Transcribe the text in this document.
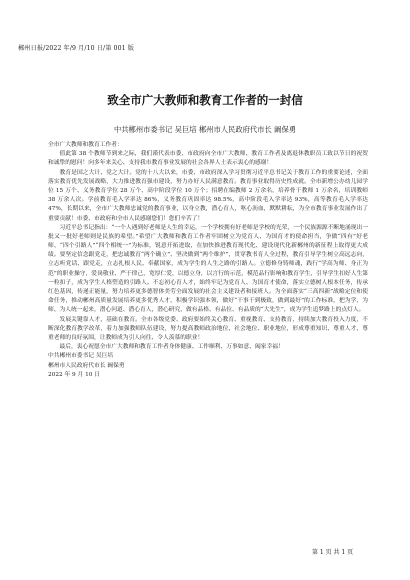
郴州日报/2022 年/9 月/10 日/第 001 版
致全市广大教师和教育工作者的一封信
中共郴州市委书记 吴巨培 郴州市人民政府代市长 阚保勇

全市广大教师和教育工作者：

值此第 38 个教师节到来之际，我们谨代表市委、市政府向全市广大教师、教育工作者及离退休教职员工致以节日的祝贺和诚挚的慰问！向多年来关心、支持我市教育事业发展的社会各界人士表示衷心的感谢！

教育是国之大计、党之大计。党的十八大以来，市委、市政府深入学习贯彻习近平总书记关于教育工作的重要论述，全面落实教育优先发展战略，大力推进教育强市建设，努力办好人民满意教育。教育事业取得历史性成就。全市新增公办幼儿园学位 15 万个、义务教育学位 28 万个、高中阶段学位 10 万个；招聘在编教师 2 万余名，培养骨干教师 1 万余名，培训教师 38 万余人次。学前教育毛入学率达 86%，义务教育巩固率达 98.5%，高中阶段毛入学率达 93%，高等教育毛入学率达 47%，长期以来，全市广大教师忠诚党的教育事业，以身立教，潜心育人，呕心沥血，默默耕耘，为全市教育事业发展作出了重要贡献！市委、市政府和全市人民感谢您们！您们辛苦了！

习近平总书记指出：“一个人遇到好老师是人生的幸运，一个学校拥有好老师是学校的光荣，一个民族源源不断地涌现出一批又一批好老师则是民族的希望。”希望广大教师和教育工作者牢固树立为党育人、为国育才的使命担当，争做“四有”好老师、“四个引路人”“四个相统一”为标准，锐意开拓进取，在加快推进教育现代化、建设现代化新郴州的新征程上取得更大成绩。要坚定信念跟党走，把忠诚教育“两个确立”、坚决做到“两个维护”，贯穿教书育人全过程，教育引导学生树立高远志向，立志听党话、跟党走，立志扎根人民、奉献国家，成为学生的人生之路的引路人。立德修身铸师魂，践行“学高为师、身正为范”的职业操守，爱岗敬业、严于律己，宽厚仁爱，以德立身，以言行的示范，模范品行影响和教育学生，引导学生扣好人生第一粒扣子，成为学生人格塑造的引路人。不忘初心育人才，始终牢记为党育人、为国育才使命，落实立德树人根本任务，传承红色基因，传递正能量，努力培养更多德智体美劳全面发展的社会主义建设者和接班人。为全面落实“三高四新”战略定位和使命任务，推动郴州高质量发展培养更多优秀人才，积极学识强本领，做好“干事干到极致，做到最好”的工作标准，把为学、为师、为人统一起来，潜心问道、潜心育人，潜心研究，做有品格、有品位、有品质的“大先生”，成为学生追梦路上的点灯人。

发展关键靠人才，基础在教育。全市各级党委、政府要始终关心教育、重视教育、支持教育，持续加大教育投入力度，不断深化教育教学改革，着力加强教师队伍建设，努力提高教师政治地位、社会地位、职业地位，形成尊重知识、尊重人才、尊重老师的良好氛围，让教师成为引人向往、令人羡慕的职业！

最后，衷心祝愿全市广大教师和教育工作者身体健康、工作顺利、万事如意、阖家幸福！

中共郴州市委书记 吴巨培

郴州市人民政府代市长 阚保勇

2022 年 9 月 10 日

第 1 页 共 1 页
